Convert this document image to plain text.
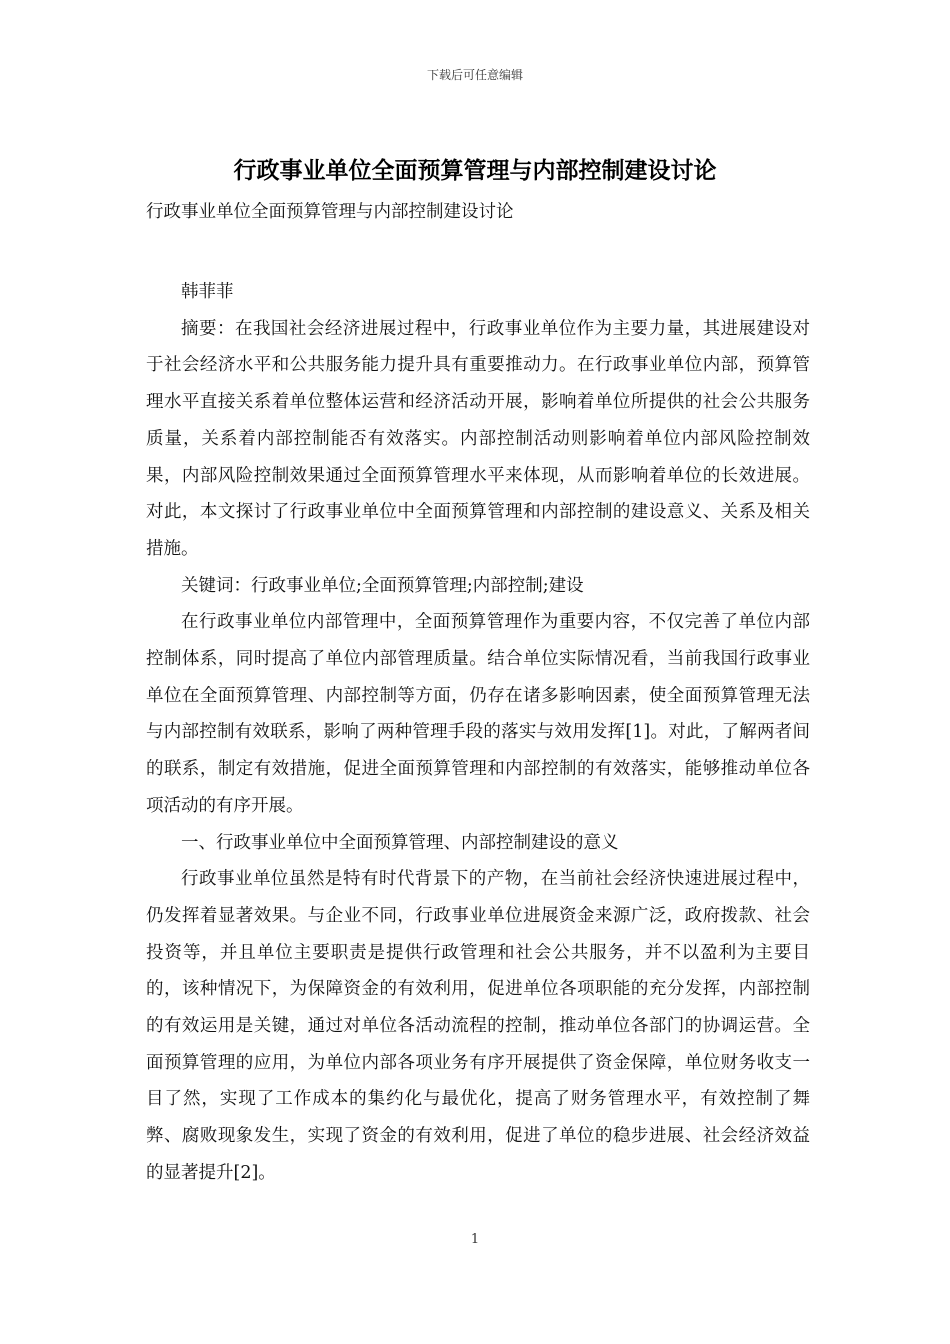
下载后可任意编辑
行政事业单位全面预算管理与内部控制建设讨论
行政事业单位全面预算管理与内部控制建设讨论

韩菲菲

摘要：在我国社会经济进展过程中，行政事业单位作为主要力量，其进展建设对于社会经济水平和公共服务能力提升具有重要推动力。在行政事业单位内部，预算管理水平直接关系着单位整体运营和经济活动开展，影响着单位所提供的社会公共服务质量，关系着内部控制能否有效落实。内部控制活动则影响着单位内部风险控制效果，内部风险控制效果通过全面预算管理水平来体现，从而影响着单位的长效进展。对此，本文探讨了行政事业单位中全面预算管理和内部控制的建设意义、关系及相关措施。

关键词：行政事业单位;全面预算管理;内部控制;建设

在行政事业单位内部管理中，全面预算管理作为重要内容，不仅完善了单位内部控制体系，同时提高了单位内部管理质量。结合单位实际情况看，当前我国行政事业单位在全面预算管理、内部控制等方面，仍存在诸多影响因素，使全面预算管理无法与内部控制有效联系，影响了两种管理手段的落实与效用发挥[1]。对此，了解两者间的联系，制定有效措施，促进全面预算管理和内部控制的有效落实，能够推动单位各项活动的有序开展。

一、行政事业单位中全面预算管理、内部控制建设的意义

行政事业单位虽然是特有时代背景下的产物，在当前社会经济快速进展过程中，仍发挥着显著效果。与企业不同，行政事业单位进展资金来源广泛，政府拨款、社会投资等，并且单位主要职责是提供行政管理和社会公共服务，并不以盈利为主要目的，该种情况下，为保障资金的有效利用，促进单位各项职能的充分发挥，内部控制的有效运用是关键，通过对单位各活动流程的控制，推动单位各部门的协调运营。全面预算管理的应用，为单位内部各项业务有序开展提供了资金保障，单位财务收支一目了然，实现了工作成本的集约化与最优化，提高了财务管理水平，有效控制了舞弊、腐败现象发生，实现了资金的有效利用，促进了单位的稳步进展、社会经济效益的显著提升[2]。

1
